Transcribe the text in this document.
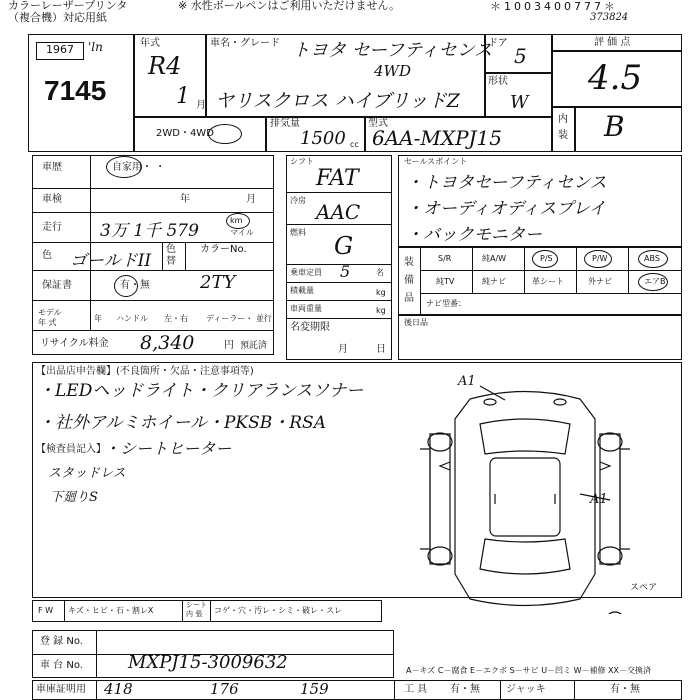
カラーレーザープリンタ
（複合機）対応用紙
※ 水性ボールペンはご利用いただけません。	＊1003400777＊
373824
1967	'ln
7145
年式
R4
1 月
車名・グレード トヨタ セーフティセンス
4WD
ヤリスクロス ハイブリッドZ
ドア
5
形状
W
2WD・4WD
排気量
1500 cc
型式
6AA-MXPJ15
評 価 点
4.5
内装 B
車歴	自家用・ ・
車検	年	月
走行 3万 1千 579
km
マイル
色 ゴールドII
色
替
カラーNo.
2TY
保証書	有・無
モデル 年 式	年 ハンドル 左・右 ディーラー・ 並行
リサイクル料金 8,340	円 預託済
シフト
FAT
冷房 AAC
燃料 G
乗車定員 5	名
積載量	kg
車両重量	kg
名変期限
月	日
セールスポイント
・トヨタセーフティセンス
・オーディオディスプレイ
・バックモニター
装備品
S/R	純A/W	P/S	P/W	ABS
純TV	純ナビ	革シート	外ナビ	エアB
ナビ型番：
後日品
【出品店申告欄】(不良箇所・欠品・注意事項等)
・LEDヘッドライト・クリアランスソナー
・社外アルミホイール・PKSB・RSA
【検査員記入】
・シートヒーター
スタッドレス
下廻りS
A1
A1
スペア
F W キズ・ヒビ・石・割レX
シート 内 張	コゲ・穴・汚レ・シミ・破レ・スレ
登 録 No.
車 台 No.	MXPJ15-3009632	A－キズ C－腐食 E－エクボ S－サビ U－凹ミ W－補修 XX－交換済
車庫証明用 418	176	159	工 具 有・無	ジャッキ	有・無
